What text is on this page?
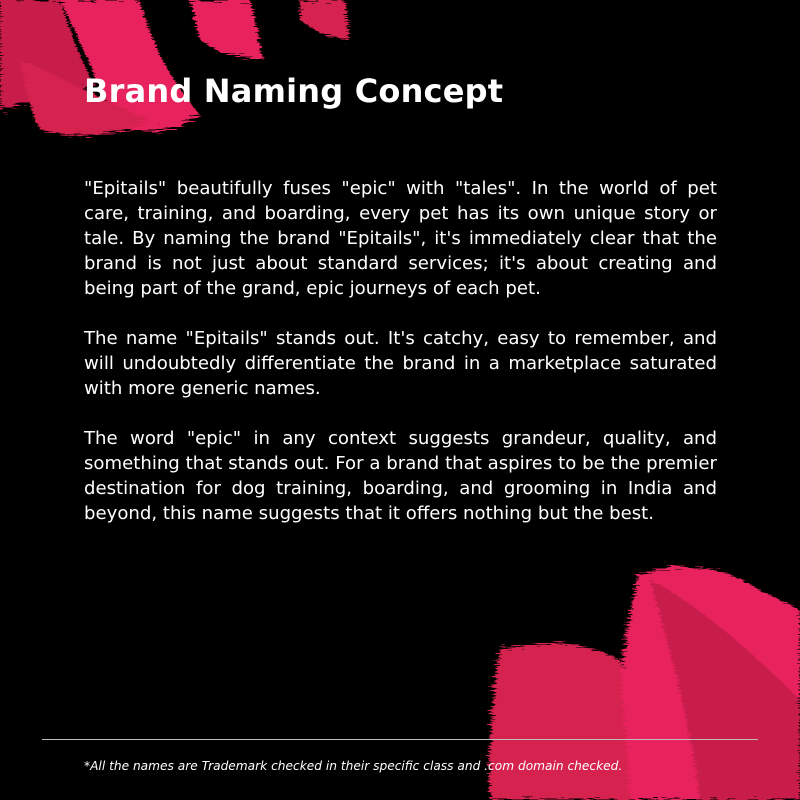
Brand Naming Concept

"Epitails" beautifully fuses "epic" with "tales". In the world of pet care, training, and boarding, every pet has its own unique story or tale. By naming the brand "Epitails", it's immediately clear that the brand is not just about standard services; it's about creating and being part of the grand, epic journeys of each pet.

The name "Epitails" stands out. It's catchy, easy to remember, and will undoubtedly differentiate the brand in a marketplace saturated with more generic names.

The word "epic" in any context suggests grandeur, quality, and something that stands out. For a brand that aspires to be the premier destination for dog training, boarding, and grooming in India and beyond, this name suggests that it offers nothing but the best.

*All the names are Trademark checked in their specific class and .com domain checked.
